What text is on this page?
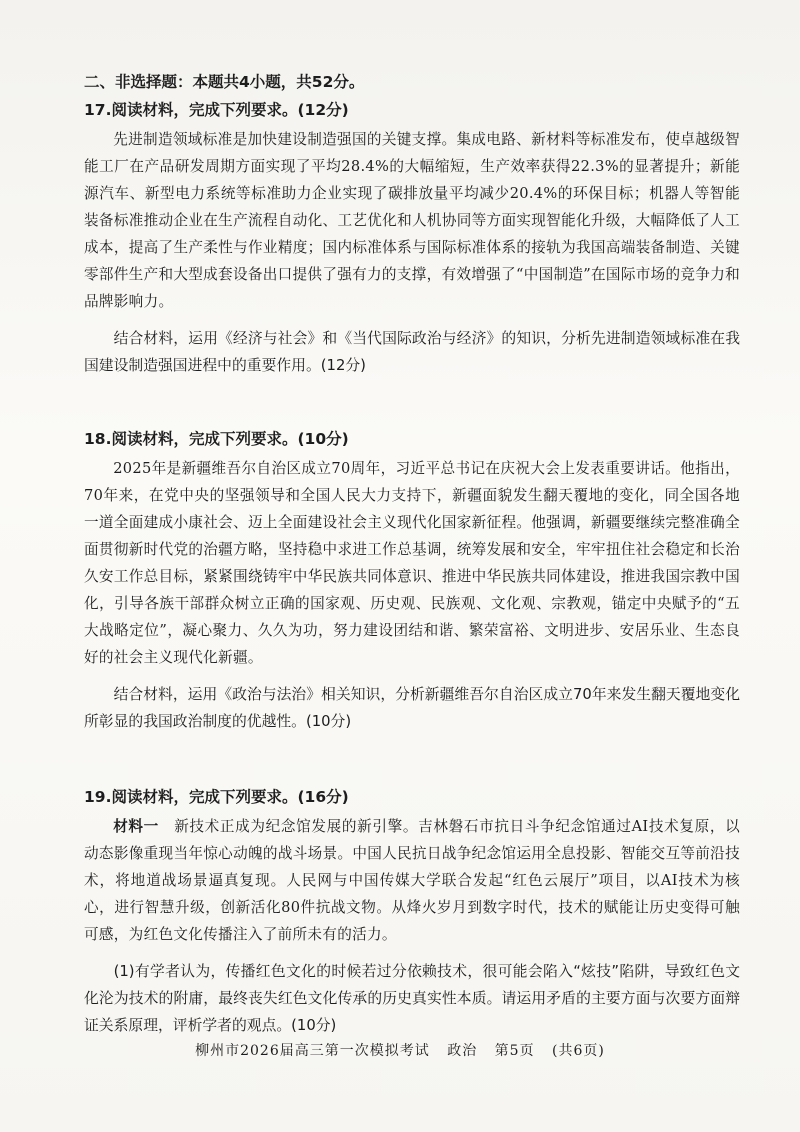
二、非选择题：本题共4小题，共52分。
17.阅读材料，完成下列要求。(12分)

先进制造领域标准是加快建设制造强国的关键支撑。集成电路、新材料等标准发布，使卓越级智能工厂在产品研发周期方面实现了平均28.4%的大幅缩短，生产效率获得22.3%的显著提升；新能源汽车、新型电力系统等标准助力企业实现了碳排放量平均减少20.4%的环保目标；机器人等智能装备标准推动企业在生产流程自动化、工艺优化和人机协同等方面实现智能化升级，大幅降低了人工成本，提高了生产柔性与作业精度；国内标准体系与国际标准体系的接轨为我国高端装备制造、关键零部件生产和大型成套设备出口提供了强有力的支撑，有效增强了“中国制造”在国际市场的竞争力和品牌影响力。

结合材料，运用《经济与社会》和《当代国际政治与经济》的知识，分析先进制造领域标准在我国建设制造强国进程中的重要作用。(12分)

18.阅读材料，完成下列要求。(10分)

2025年是新疆维吾尔自治区成立70周年，习近平总书记在庆祝大会上发表重要讲话。他指出，70年来，在党中央的坚强领导和全国人民大力支持下，新疆面貌发生翻天覆地的变化，同全国各地一道全面建成小康社会、迈上全面建设社会主义现代化国家新征程。他强调，新疆要继续完整准确全面贯彻新时代党的治疆方略，坚持稳中求进工作总基调，统筹发展和安全，牢牢扭住社会稳定和长治久安工作总目标，紧紧围绕铸牢中华民族共同体意识、推进中华民族共同体建设，推进我国宗教中国化，引导各族干部群众树立正确的国家观、历史观、民族观、文化观、宗教观，锚定中央赋予的“五大战略定位”，凝心聚力、久久为功，努力建设团结和谐、繁荣富裕、文明进步、安居乐业、生态良好的社会主义现代化新疆。

结合材料，运用《政治与法治》相关知识，分析新疆维吾尔自治区成立70年来发生翻天覆地变化所彰显的我国政治制度的优越性。(10分)

19.阅读材料，完成下列要求。(16分)

材料一　 新技术正成为纪念馆发展的新引擎。吉林磐石市抗日斗争纪念馆通过AI技术复原，以动态影像重现当年惊心动魄的战斗场景。中国人民抗日战争纪念馆运用全息投影、智能交互等前沿技术，将地道战场景逼真复现。人民网与中国传媒大学联合发起“红色云展厅”项目，以AI技术为核心，进行智慧升级，创新活化80件抗战文物。从烽火岁月到数字时代，技术的赋能让历史变得可触可感，为红色文化传播注入了前所未有的活力。

(1)有学者认为，传播红色文化的时候若过分依赖技术，很可能会陷入“炫技”陷阱，导致红色文化沦为技术的附庸，最终丧失红色文化传承的历史真实性本质。请运用矛盾的主要方面与次要方面辩证关系原理，评析学者的观点。(10分)

柳州市2026届高三第一次模拟考试 政治 第5页 (共6页)
